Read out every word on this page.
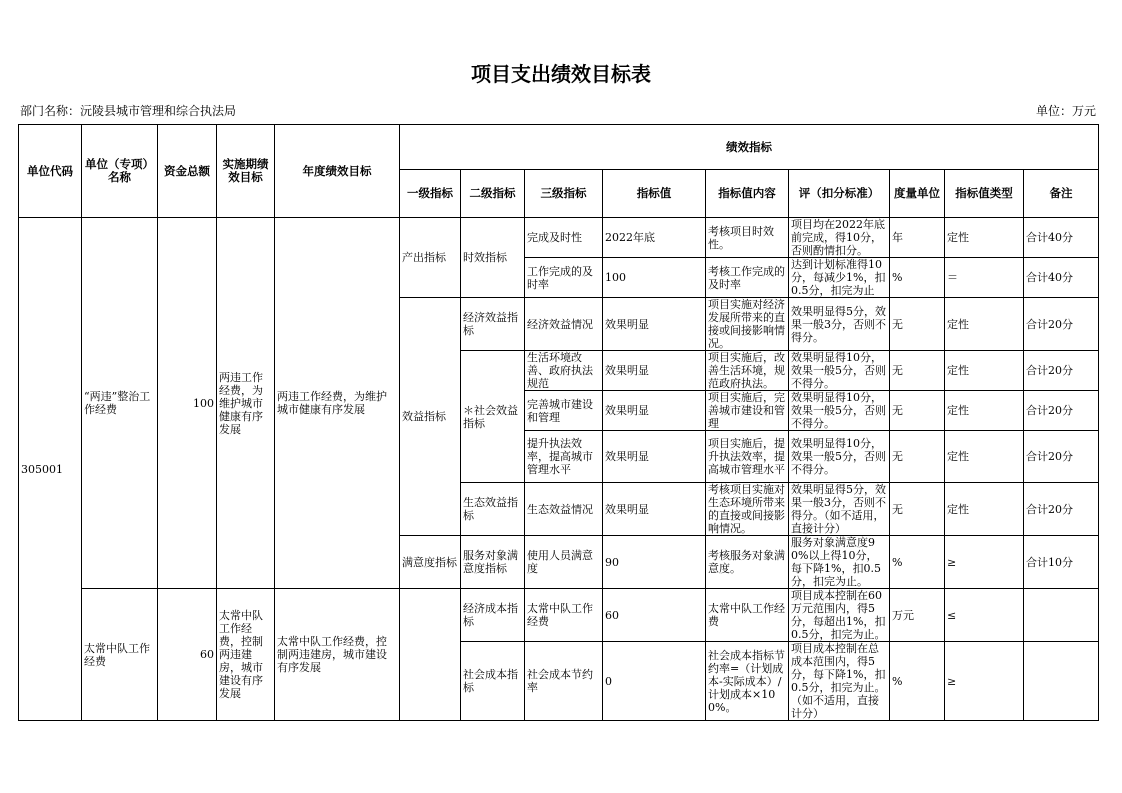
项目支出绩效目标表
部门名称：沅陵县城市管理和综合执法局	单位：万元
单位代码	单位（专项）名称	资金总额	实施期绩效目标	年度绩效目标	绩效指标								
					一级指标	二级指标	三级指标	指标值	指标值内容	评（扣分标准）	度量单位	指标值类型	备注
305001	“两违”整治工作经费	100	两违工作经费，为维护城市健康有序发展	两违工作经费，为维护城市健康有序发展	产出指标	时效指标	完成及时性	2022年底	考核项目时效性。	项目均在2022年底前完成，得10分，否则酌情扣分。	年	定性	合计40分
							工作完成的及时率	100	考核工作完成的及时率	达到计划标准得10分，每减少1%，扣0.5分，扣完为止	%	＝	合计40分
					效益指标	经济效益指标	经济效益情况	效果明显	项目实施对经济发展所带来的直接或间接影响情况。	效果明显得5分，效果一般3分，否则不得分。	无	定性	合计20分
						＊社会效益指标	生活环境改善、政府执法规范	效果明显	项目实施后，改善生活环境，规范政府执法。	效果明显得10分，效果一般5分，否则不得分。	无	定性	合计20分
							完善城市建设和管理	效果明显	项目实施后，完善城市建设和管理	效果明显得10分，效果一般5分，否则不得分。	无	定性	合计20分
							提升执法效率，提高城市管理水平	效果明显	项目实施后，提升执法效率，提高城市管理水平	效果明显得10分，效果一般5分，否则不得分。	无	定性	合计20分
						生态效益指标	生态效益情况	效果明显	考核项目实施对生态环境所带来的直接或间接影响情况。	效果明显得5分，效果一般3分，否则不得分。（如不适用，直接计分）	无	定性	合计20分
					满意度指标	服务对象满意度指标	使用人员满意度	90	考核服务对象满意度。	服务对象满意度90%以上得10分，每下降1%，扣0.5分，扣完为止。	%	≥	合计10分
	太常中队工作经费	60	太常中队工作经费，控制两违建房，城市建设有序发展	太常中队工作经费，控制两违建房，城市建设有序发展		经济成本指标	太常中队工作经费	60	太常中队工作经费	项目成本控制在60万元范围内，得5分，每超出1%，扣0.5分，扣完为止。	万元	≤	
						社会成本指标	社会成本节约率	0	社会成本指标节约率=（计划成本-实际成本）/计划成本×100%。	项目成本控制在总成本范围内，得5分，每下降1%，扣0.5分，扣完为止。（如不适用，直接计分）	%	≥	
